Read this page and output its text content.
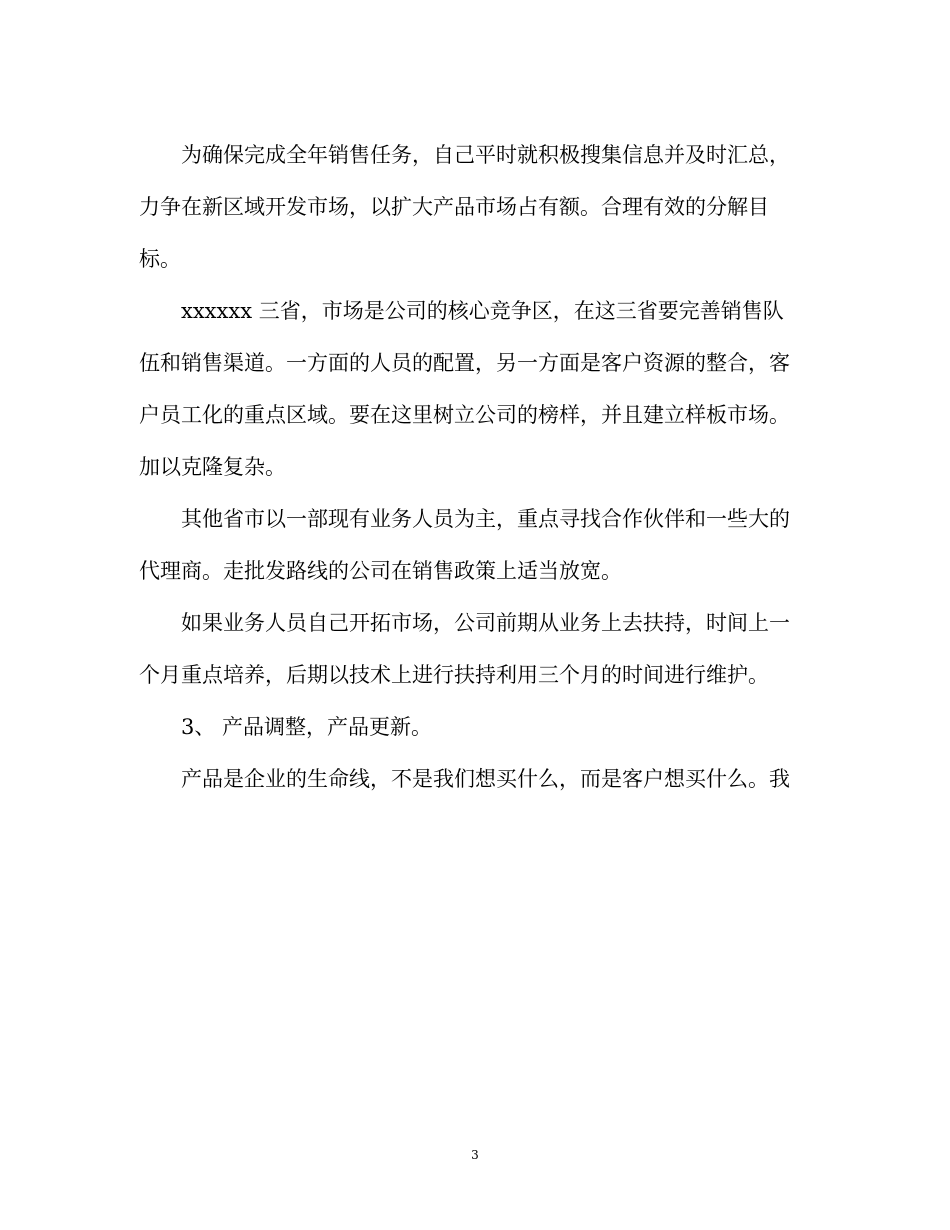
为确保完成全年销售任务，自己平时就积极搜集信息并及时汇总，
力争在新区域开发市场，以扩大产品市场占有额。合理有效的分解目
标。
xxxxxx 三省，市场是公司的核心竞争区，在这三省要完善销售队
伍和销售渠道。一方面的人员的配置，另一方面是客户资源的整合，客
户员工化的重点区域。要在这里树立公司的榜样，并且建立样板市场。
加以克隆复杂。
其他省市以一部现有业务人员为主，重点寻找合作伙伴和一些大的
代理商。走批发路线的公司在销售政策上适当放宽。
如果业务人员自己开拓市场，公司前期从业务上去扶持，时间上一
个月重点培养，后期以技术上进行扶持利用三个月的时间进行维护。
3、 产品调整，产品更新。
产品是企业的生命线，不是我们想买什么，而是客户想买什么。我
3
